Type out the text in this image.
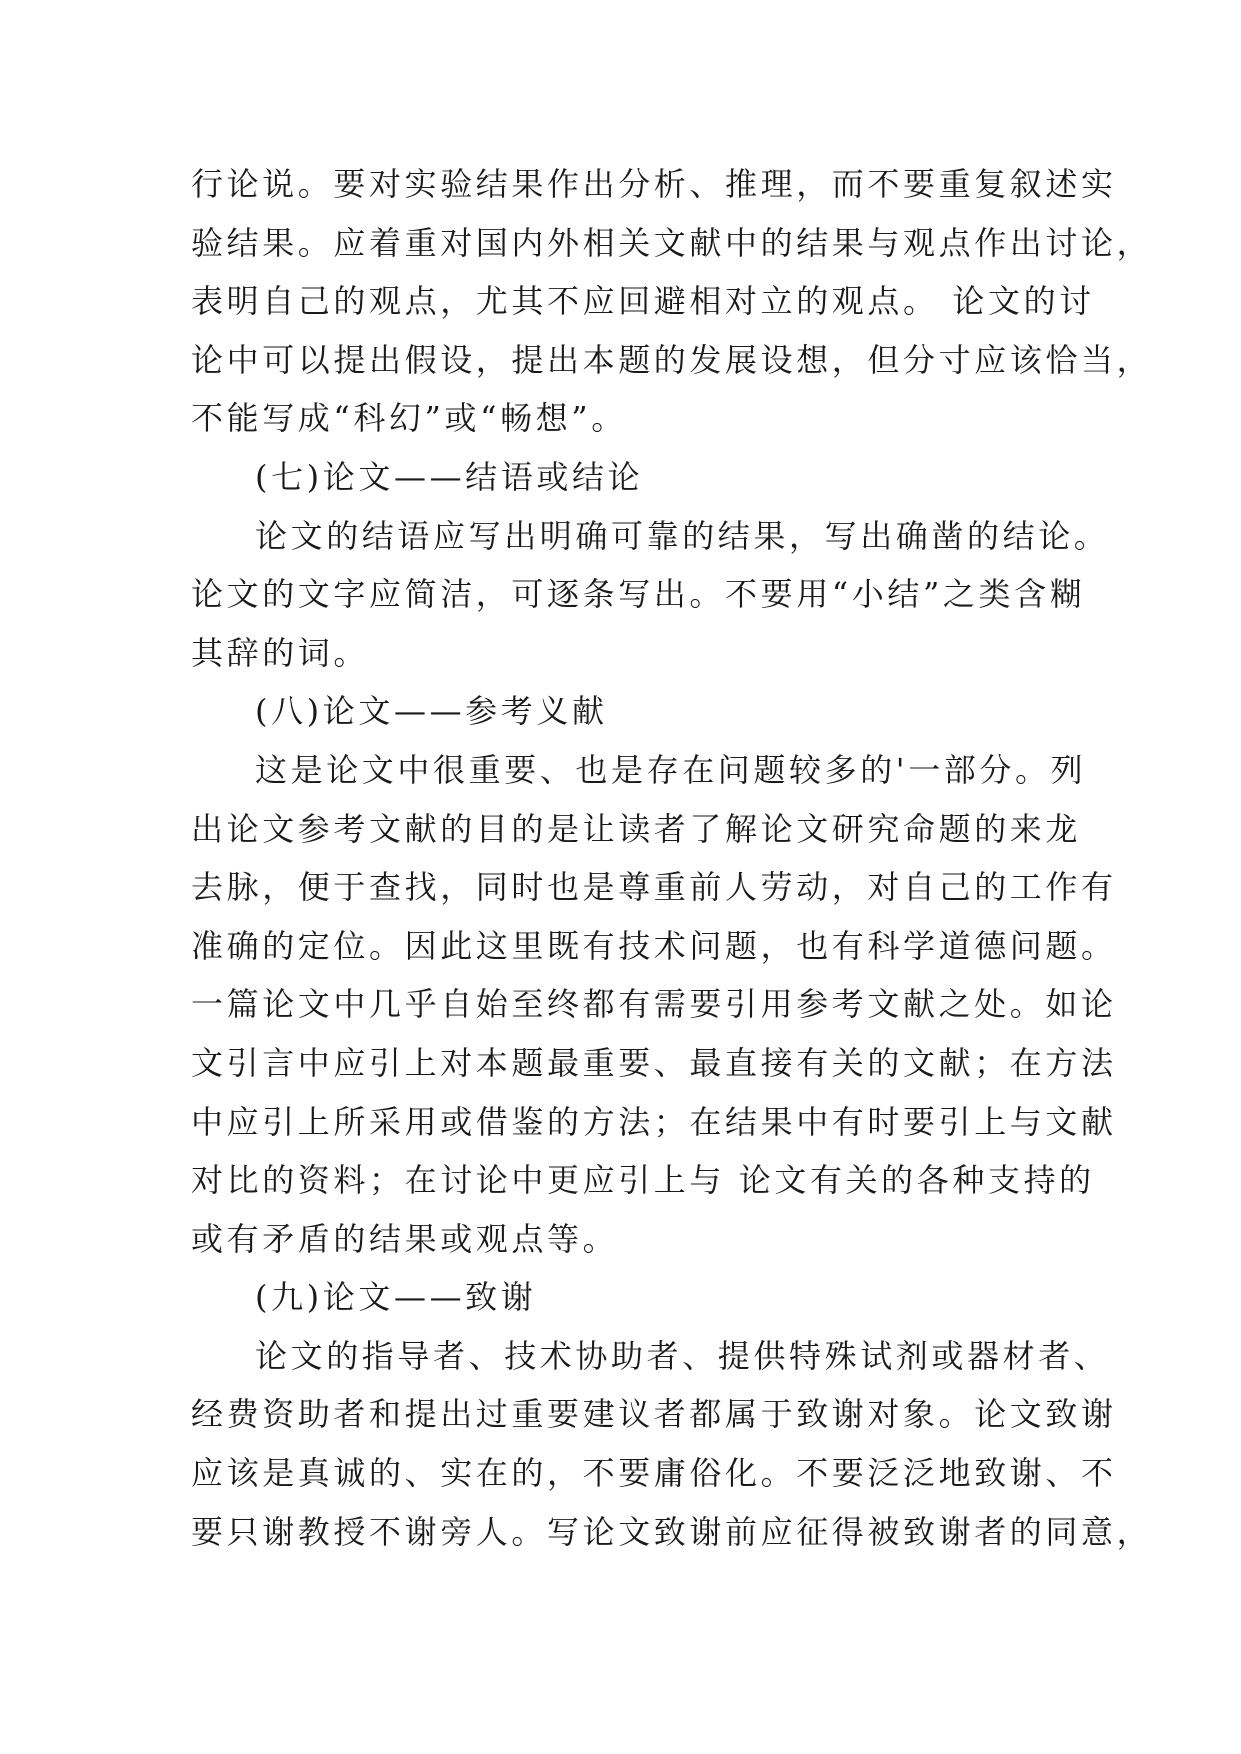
行论说。要对实验结果作出分析、推理，而不要重复叙述实
验结果。应着重对国内外相关文献中的结果与观点作出讨论，
表明自己的观点，尤其不应回避相对立的观点。 论文的讨
论中可以提出假设，提出本题的发展设想，但分寸应该恰当，
不能写成“科幻”或“畅想”。
(七)论文——结语或结论
论文的结语应写出明确可靠的结果，写出确凿的结论。
论文的文字应简洁，可逐条写出。不要用“小结”之类含糊
其辞的词。
(八)论文——参考义献
这是论文中很重要、也是存在问题较多的'一部分。列
出论文参考文献的目的是让读者了解论文研究命题的来龙
去脉，便于查找，同时也是尊重前人劳动，对自己的工作有
准确的定位。因此这里既有技术问题，也有科学道德问题。
一篇论文中几乎自始至终都有需要引用参考文献之处。如论
文引言中应引上对本题最重要、最直接有关的文献；在方法
中应引上所采用或借鉴的方法；在结果中有时要引上与文献
对比的资料；在讨论中更应引上与 论文有关的各种支持的
或有矛盾的结果或观点等。
(九)论文——致谢
论文的指导者、技术协助者、提供特殊试剂或器材者、
经费资助者和提出过重要建议者都属于致谢对象。论文致谢
应该是真诚的、实在的，不要庸俗化。不要泛泛地致谢、不
要只谢教授不谢旁人。写论文致谢前应征得被致谢者的同意，
